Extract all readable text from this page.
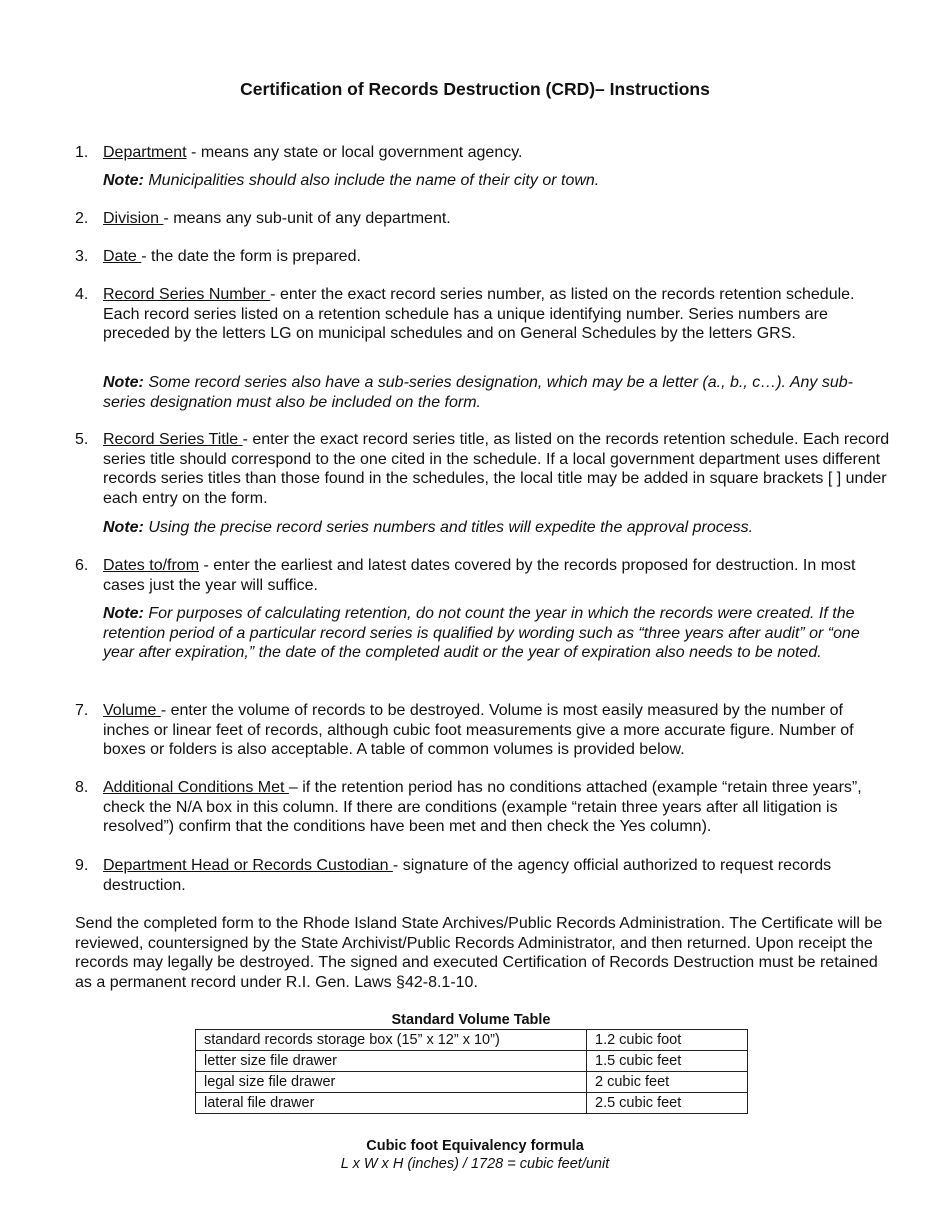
Certification of Records Destruction (CRD)– Instructions
1. Department - means any state or local government agency.
Note: Municipalities should also include the name of their city or town.
2. Division - means any sub-unit of any department.
3. Date - the date the form is prepared.
4. Record Series Number - enter the exact record series number, as listed on the records retention schedule. Each record series listed on a retention schedule has a unique identifying number. Series numbers are preceded by the letters LG on municipal schedules and on General Schedules by the letters GRS.
Note: Some record series also have a sub-series designation, which may be a letter (a., b., c…). Any sub-series designation must also be included on the form.
5. Record Series Title - enter the exact record series title, as listed on the records retention schedule. Each record series title should correspond to the one cited in the schedule. If a local government department uses different records series titles than those found in the schedules, the local title may be added in square brackets [ ] under each entry on the form.
Note: Using the precise record series numbers and titles will expedite the approval process.
6. Dates to/from - enter the earliest and latest dates covered by the records proposed for destruction. In most cases just the year will suffice.
Note: For purposes of calculating retention, do not count the year in which the records were created. If the retention period of a particular record series is qualified by wording such as “three years after audit” or “one year after expiration,” the date of the completed audit or the year of expiration also needs to be noted.
7. Volume - enter the volume of records to be destroyed. Volume is most easily measured by the number of inches or linear feet of records, although cubic foot measurements give a more accurate figure. Number of boxes or folders is also acceptable. A table of common volumes is provided below.
8. Additional Conditions Met – if the retention period has no conditions attached (example “retain three years”, check the N/A box in this column. If there are conditions (example “retain three years after all litigation is resolved”) confirm that the conditions have been met and then check the Yes column).
9. Department Head or Records Custodian - signature of the agency official authorized to request records destruction.
Send the completed form to the Rhode Island State Archives/Public Records Administration. The Certificate will be reviewed, countersigned by the State Archivist/Public Records Administrator, and then returned. Upon receipt the records may legally be destroyed. The signed and executed Certification of Records Destruction must be retained as a permanent record under R.I. Gen. Laws §42-8.1-10.
Standard Volume Table
standard records storage box (15” x 12” x 10”)	1.2 cubic foot
letter size file drawer	1.5 cubic feet
legal size file drawer	2 cubic feet
lateral file drawer	2.5 cubic feet
Cubic foot Equivalency formula
L x W x H (inches) / 1728 = cubic feet/unit
